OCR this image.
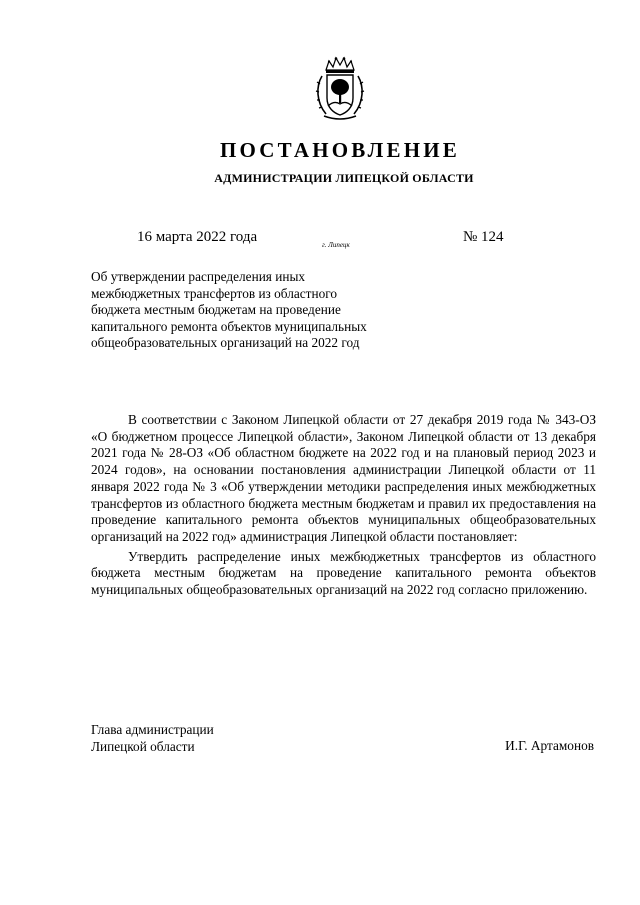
ПОСТАНОВЛЕНИЕ
АДМИНИСТРАЦИИ ЛИПЕЦКОЙ ОБЛАСТИ
16 марта 2022 года	г. Липецк	№ 124
Об утверждении распределения иных
межбюджетных трансфертов из областного
бюджета местным бюджетам на проведение
капитального ремонта объектов муниципальных
общеобразовательных организаций на 2022 год

В соответствии с Законом Липецкой области от 27 декабря 2019 года № 343-ОЗ «О бюджетном процессе Липецкой области», Законом Липецкой области от 13 декабря 2021 года № 28-ОЗ «Об областном бюджете на 2022 год и на плановый период 2023 и 2024 годов», на основании постановления администрации Липецкой области от 11 января 2022 года № 3 «Об утверждении методики распределения иных межбюджетных трансфертов из областного бюджета местным бюджетам и правил их предоставления на проведение капитального ремонта объектов муниципальных общеобразовательных организаций на 2022 год» администрация Липецкой области постановляет:

Утвердить распределение иных межбюджетных трансфертов из областного бюджета местным бюджетам на проведение капитального ремонта объектов муниципальных общеобразовательных организаций на 2022 год согласно приложению.

Глава администрации
Липецкой области	И.Г. Артамонов
